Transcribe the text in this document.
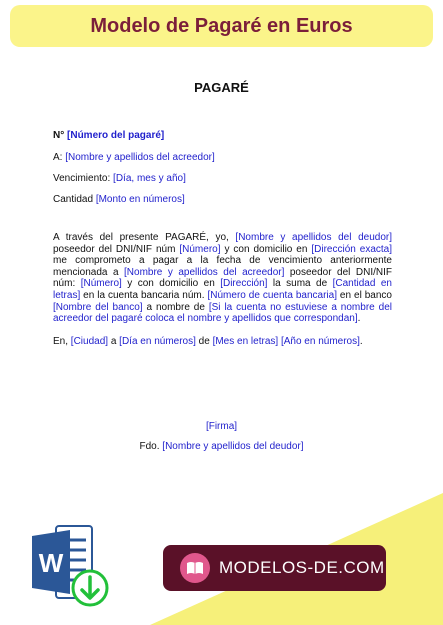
Modelo de Pagaré en Euros
PAGARÉ
N° [Número del pagaré]
A: [Nombre y apellidos del acreedor]
Vencimiento: [Día, mes y año]
Cantidad [Monto en números]
A través del presente PAGARÉ, yo, [Nombre y apellidos del deudor] poseedor del DNI/NIF núm [Número] y con domicilio en [Dirección exacta] me comprometo a pagar a la fecha de vencimiento anteriormente mencionada a [Nombre y apellidos del acreedor] poseedor del DNI/NIF núm: [Número] y con domicilio en [Dirección] la suma de [Cantidad en letras] en la cuenta bancaria núm. [Número de cuenta bancaria] en el banco [Nombre del banco] a nombre de [Si la cuenta no estuviese a nombre del acreedor del pagaré coloca el nombre y apellidos que correspondan].
En, [Ciudad] a [Día en números] de [Mes en letras] [Año en números].
[Firma]
Fdo. [Nombre y apellidos del deudor]
W	MODELOS-DE.COM
